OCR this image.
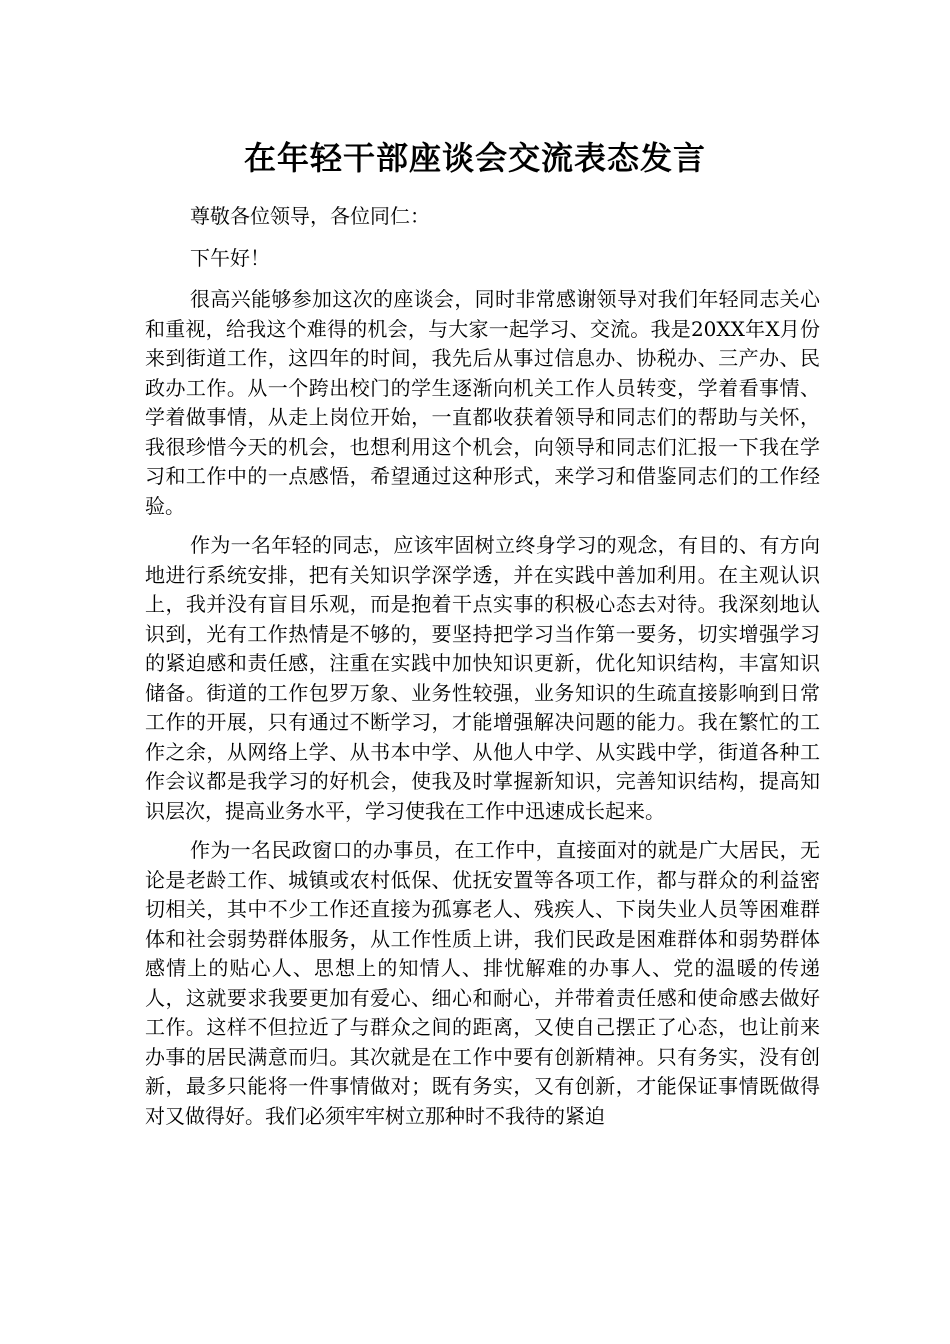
在年轻干部座谈会交流表态发言

尊敬各位领导，各位同仁：

下午好！

很高兴能够参加这次的座谈会，同时非常感谢领导对我们年轻同志关心和重视，给我这个难得的机会，与大家一起学习、交流。我是20XX年X月份来到街道工作，这四年的时间，我先后从事过信息办、协税办、三产办、民政办工作。从一个跨出校门的学生逐渐向机关工作人员转变，学着看事情、学着做事情，从走上岗位开始，一直都收获着领导和同志们的帮助与关怀，我很珍惜今天的机会，也想利用这个机会，向领导和同志们汇报一下我在学习和工作中的一点感悟，希望通过这种形式，来学习和借鉴同志们的工作经验。

作为一名年轻的同志，应该牢固树立终身学习的观念，有目的、有方向地进行系统安排，把有关知识学深学透，并在实践中善加利用。在主观认识上，我并没有盲目乐观，而是抱着干点实事的积极心态去对待。我深刻地认识到，光有工作热情是不够的，要坚持把学习当作第一要务，切实增强学习的紧迫感和责任感，注重在实践中加快知识更新，优化知识结构，丰富知识储备。街道的工作包罗万象、业务性较强，业务知识的生疏直接影响到日常工作的开展，只有通过不断学习，才能增强解决问题的能力。我在繁忙的工作之余，从网络上学、从书本中学、从他人中学、从实践中学，街道各种工作会议都是我学习的好机会，使我及时掌握新知识，完善知识结构，提高知识层次，提高业务水平，学习使我在工作中迅速成长起来。

作为一名民政窗口的办事员，在工作中，直接面对的就是广大居民，无论是老龄工作、城镇或农村低保、优抚安置等各项工作，都与群众的利益密切相关，其中不少工作还直接为孤寡老人、残疾人、下岗失业人员等困难群体和社会弱势群体服务，从工作性质上讲，我们民政是困难群体和弱势群体感情上的贴心人、思想上的知情人、排忧解难的办事人、党的温暖的传递人，这就要求我要更加有爱心、细心和耐心，并带着责任感和使命感去做好工作。这样不但拉近了与群众之间的距离，又使自己摆正了心态，也让前来办事的居民满意而归。其次就是在工作中要有创新精神。只有务实，没有创新，最多只能将一件事情做对；既有务实，又有创新，才能保证事情既做得对又做得好。我们必须牢牢树立那种时不我待的紧迫
